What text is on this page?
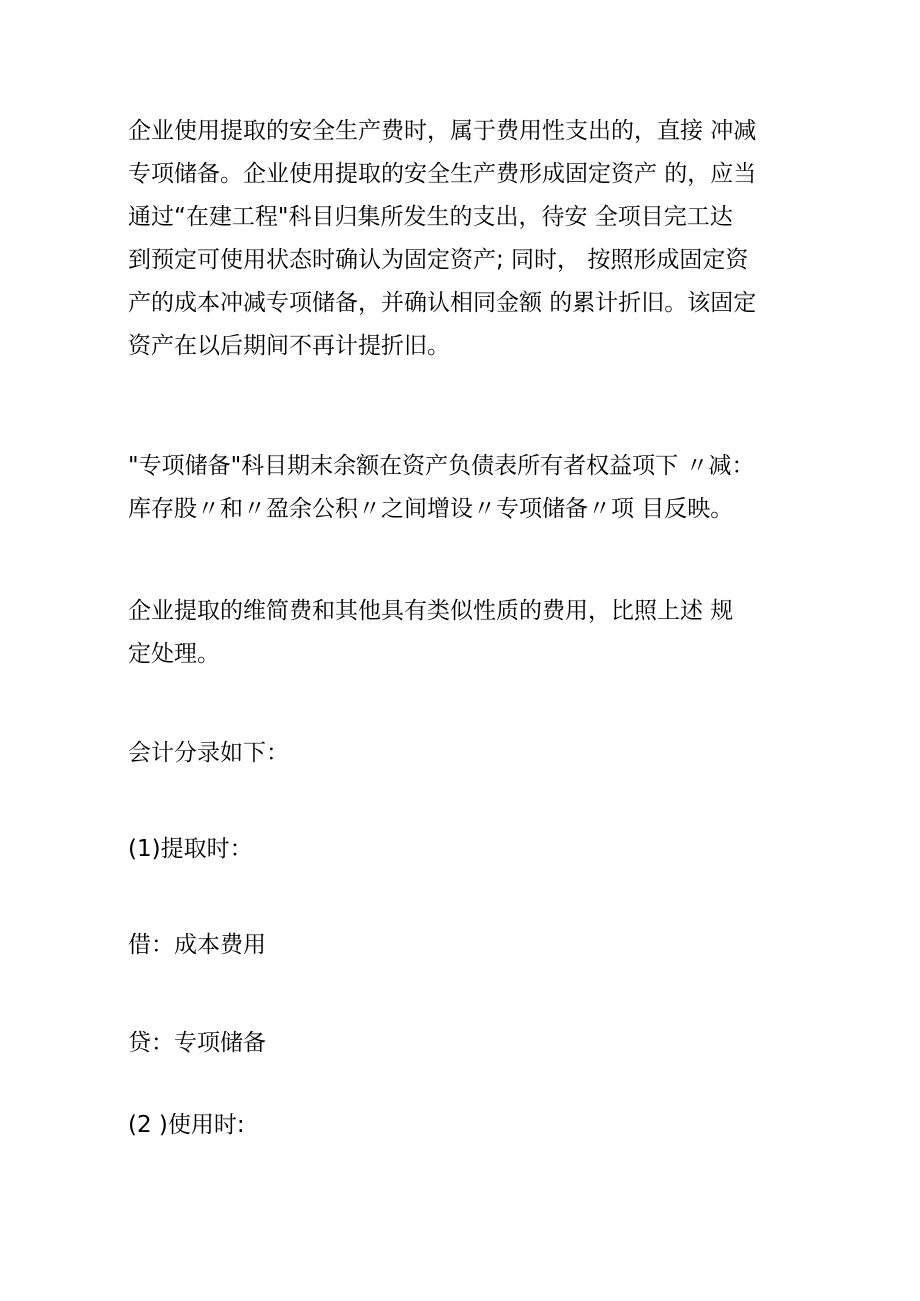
企业使用提取的安全生产费时，属于费用性支出的，直接 冲减
专项储备。企业使用提取的安全生产费形成固定资产 的，应当
通过“在建工程"科目归集所发生的支出，待安 全项目完工达
到预定可使用状态时确认为固定资产; 同时， 按照形成固定资
产的成本冲减专项储备，并确认相同金额 的累计折旧。该固定
资产在以后期间不再计提折旧。

"专项储备"科目期末余额在资产负债表所有者权益项下 〃减：
库存股〃和〃盈余公积〃之间增设〃专项储备〃项 目反映。

企业提取的维简费和其他具有类似性质的费用，比照上述 规
定处理。

会计分录如下：

(1)提取时：

借：成本费用

贷：专项储备

(2 )使用时:
